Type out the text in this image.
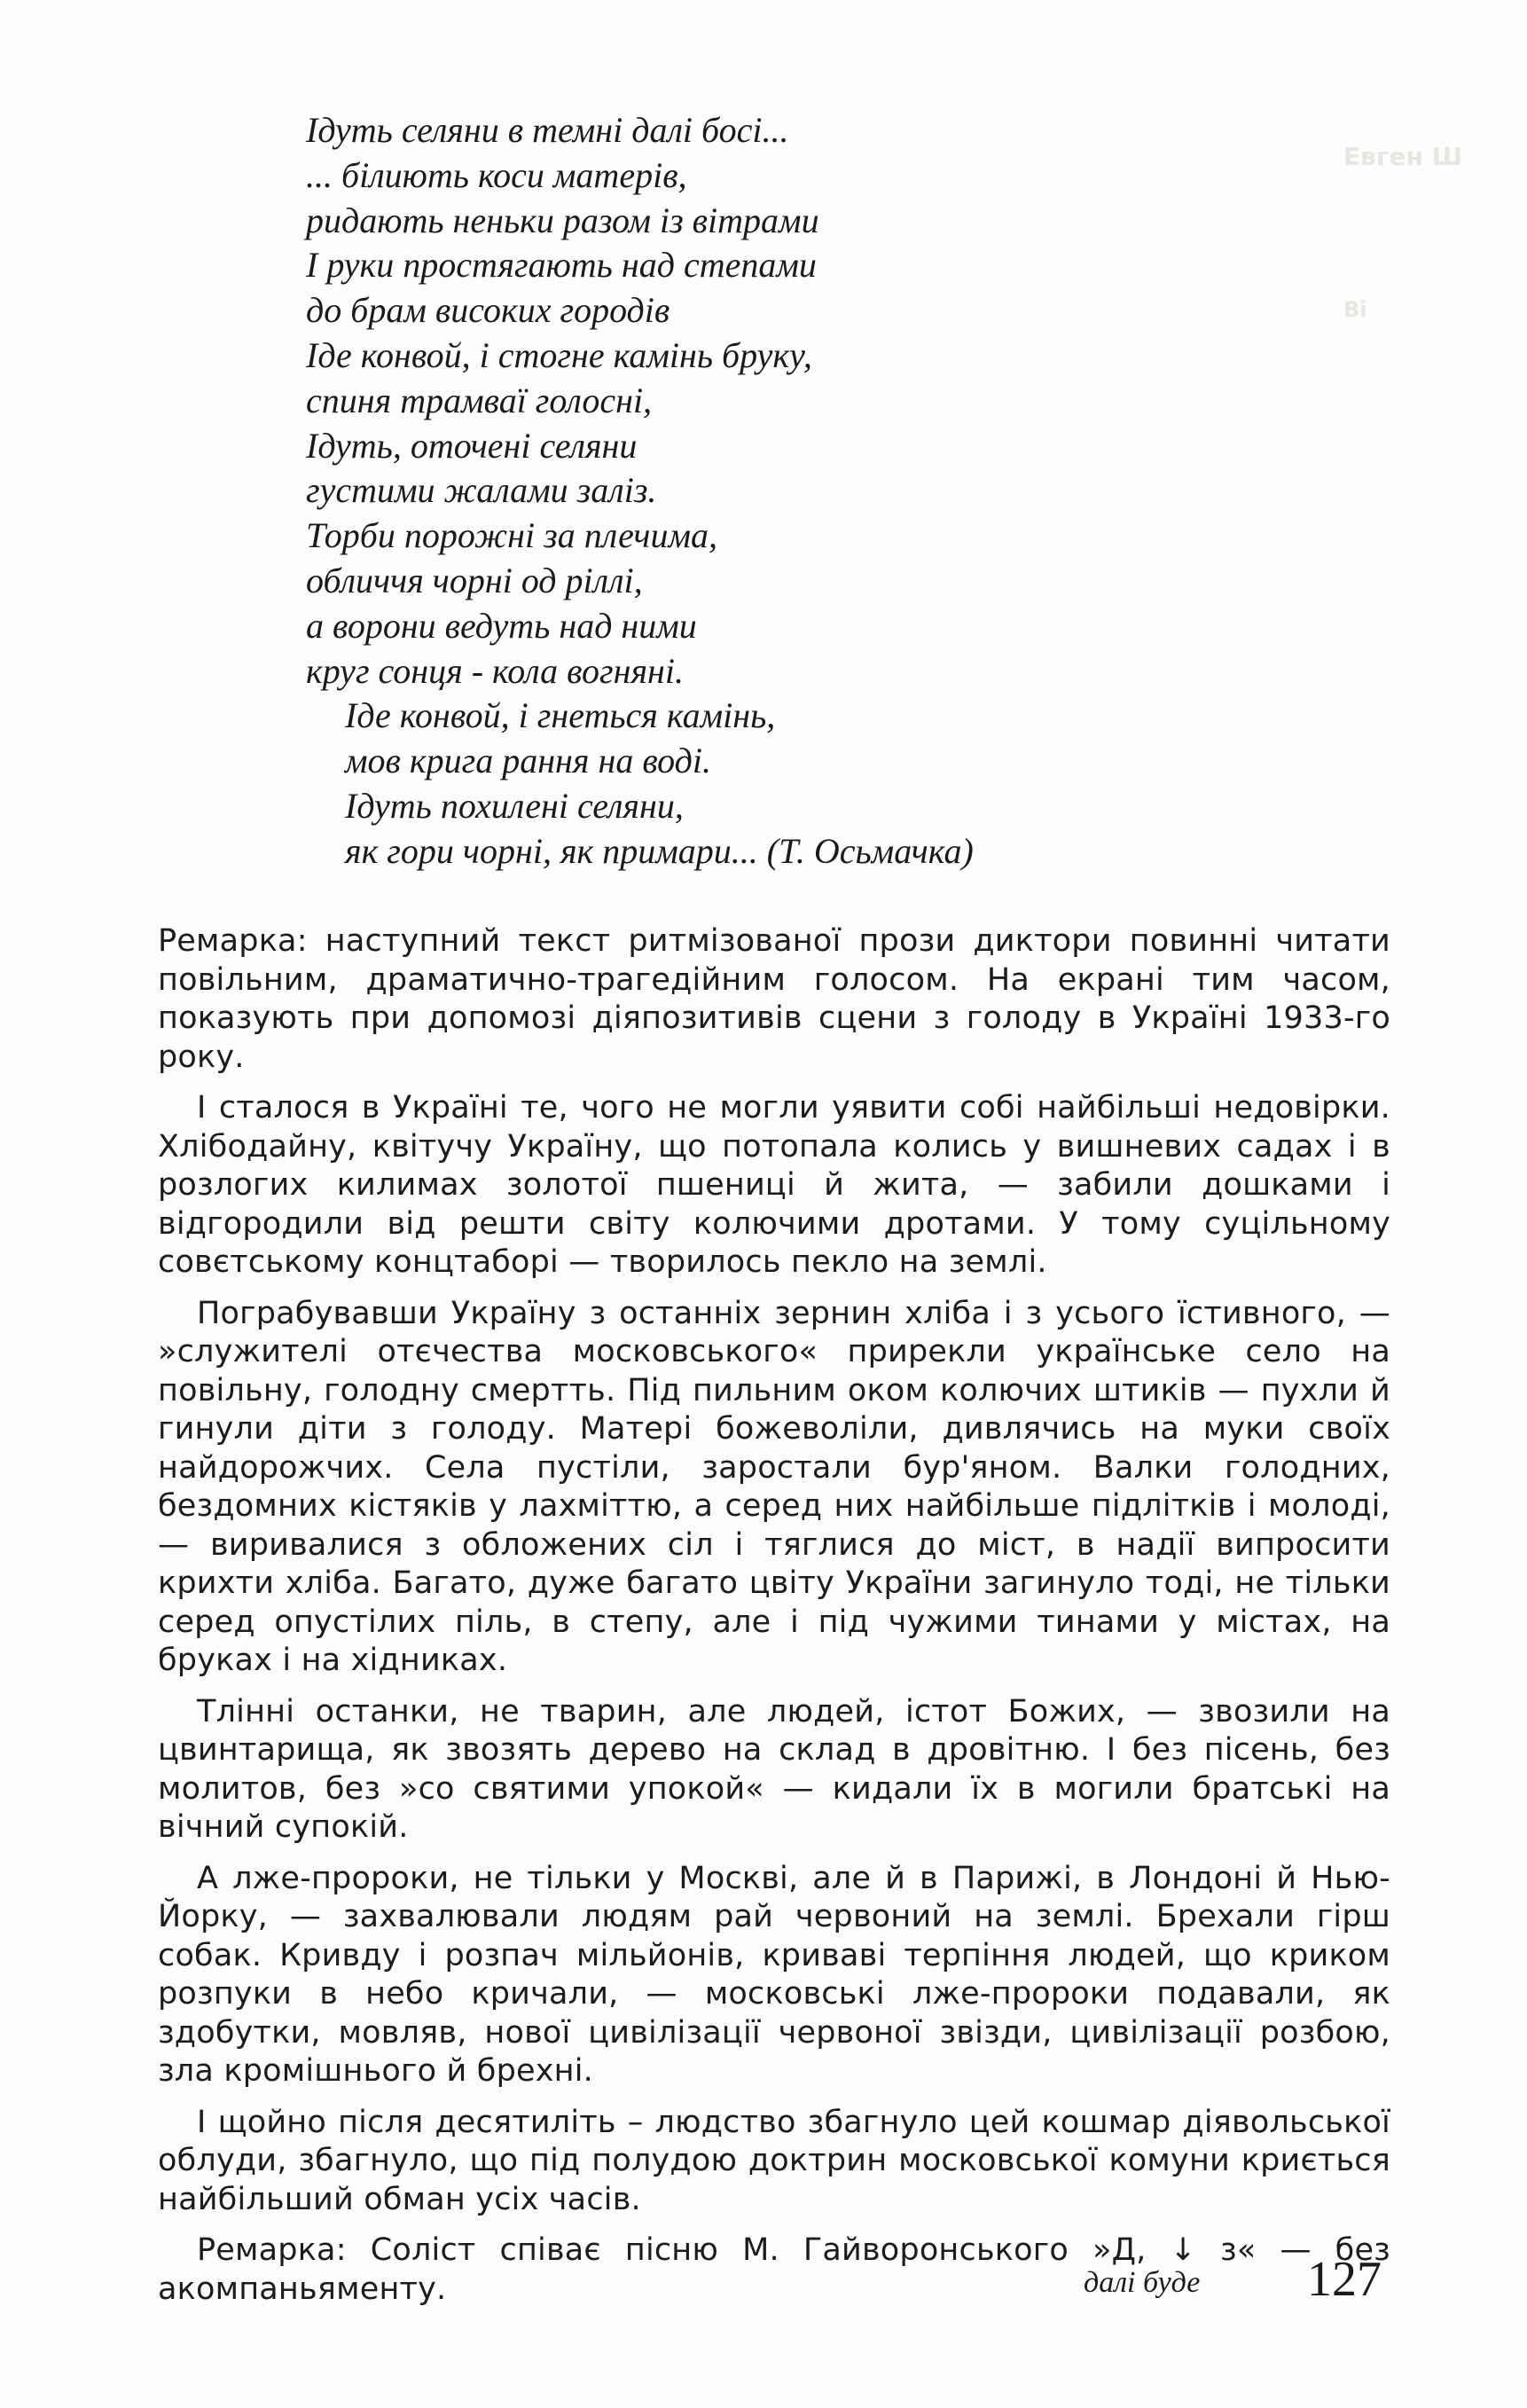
Евген Ш
Ві
Ідуть селяни в темні далі босі...
... білиють коси матерів,
ридають неньки разом із вітрами
І руки простягають над степами
до брам високих городів
Іде конвой, і стогне камінь бруку,
спиня трамваї голосні,
Ідуть, оточені селяни
густими жалами заліз.
Торби порожні за плечима,
обличчя чорні од ріллі,
а ворони ведуть над ними
круг сонця - кола вогняні.
Іде конвой, і гнеться камінь,
мов крига рання на воді.
Ідуть похилені селяни,
як гори чорні, як примари... (Т. Осьмачка)

Ремарка: наступний текст ритмізованої прози диктори повинні читати повільним, драматично-трагедійним голосом. На екрані тим часом, показують при допомозі діяпозитивів сцени з голоду в Україні 1933-го року.

І сталося в Україні те, чого не могли уявити собі найбільші недовірки. Хлібодайну, квітучу Україну, що потопала колись у вишневих садах і в розлогих килимах золотої пшениці й жита, — забили дошками і відгородили від решти світу колючими дротами. У тому суцільному совєтському концтаборі — творилось пекло на землі.

Пограбувавши Україну з останніх зернин хліба і з усього їстивного, — »служителі отєчества московського« прирекли українське село на повільну, голодну смертть. Під пильним оком колючих штиків — пухли й гинули діти з голоду. Матері божеволіли, дивлячись на муки своїх найдорожчих. Села пустіли, заростали бур'яном. Валки голодних, бездомних кістяків у лахміттю, а серед них найбільше підлітків і молоді, — виривалися з обложених сіл і тяглися до міст, в надії випросити крихти хліба. Багато, дуже багато цвіту України загинуло тоді, не тільки серед опустілих піль, в степу, але і під чужими тинами у містах, на бруках і на хідниках.

Тлінні останки, не тварин, але людей, істот Божих, — звозили на цвинтарища, як звозять дерево на склад в дровітню. І без пісень, без молитов, без »со святими упокой« — кидали їх в могили братські на вічний супокій.

А лже-пророки, не тільки у Москві, але й в Парижі, в Лондоні й Нью-Йорку, — захвалювали людям рай червоний на землі. Брехали гірш собак. Кривду і розпач мільйонів, криваві терпіння людей, що криком розпуки в небо кричали, — московські лже-пророки подавали, як здобутки, мовляв, нової цивілізації червоної звізди, цивілізації розбою, зла кромішнього й брехні.

І щойно після десятиліть – людство збагнуло цей кошмар діявольської облуди, збагнуло, що під полудою доктрин московської комуни криється найбільший обман усіх часів.

Ремарка: Соліст співає пісню М. Гайворонського »Д, ↓ з« — без акомпаньяменту.	далі буде 127
